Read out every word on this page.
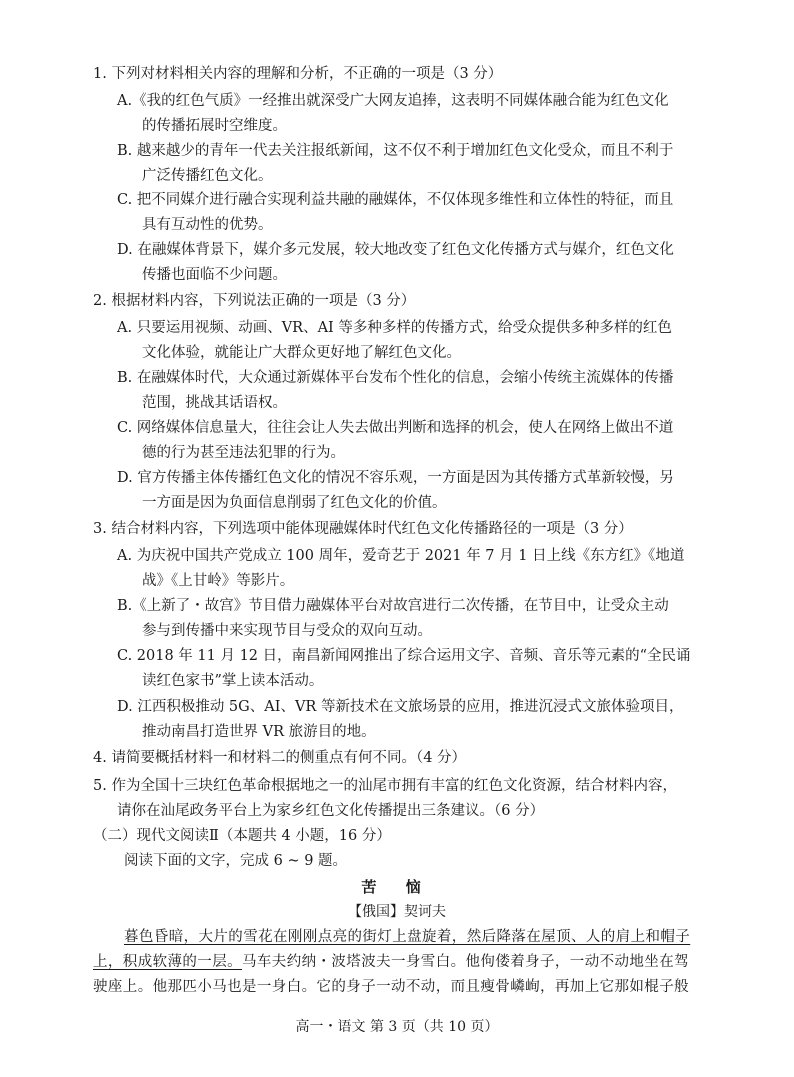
1. 下列对材料相关内容的理解和分析，不正确的一项是（3 分）
A.《我的红色气质》一经推出就深受广大网友追捧，这表明不同媒体融合能为红色文化
的传播拓展时空维度。
B. 越来越少的青年一代去关注报纸新闻，这不仅不利于增加红色文化受众，而且不利于
广泛传播红色文化。
C. 把不同媒介进行融合实现利益共融的融媒体，不仅体现多维性和立体性的特征，而且
具有互动性的优势。
D. 在融媒体背景下，媒介多元发展，较大地改变了红色文化传播方式与媒介，红色文化
传播也面临不少问题。
2. 根据材料内容，下列说法正确的一项是（3 分）
A. 只要运用视频、动画、VR、AI 等多种多样的传播方式，给受众提供多种多样的红色
文化体验，就能让广大群众更好地了解红色文化。
B. 在融媒体时代，大众通过新媒体平台发布个性化的信息，会缩小传统主流媒体的传播
范围，挑战其话语权。
C. 网络媒体信息量大，往往会让人失去做出判断和选择的机会，使人在网络上做出不道
德的行为甚至违法犯罪的行为。
D. 官方传播主体传播红色文化的情况不容乐观，一方面是因为其传播方式革新较慢，另
一方面是因为负面信息削弱了红色文化的价值。
3. 结合材料内容，下列选项中能体现融媒体时代红色文化传播路径的一项是（3 分）
A. 为庆祝中国共产党成立 100 周年，爱奇艺于 2021 年 7 月 1 日上线《东方红》《地道
战》《上甘岭》等影片。
B.《上新了・故宫》节目借力融媒体平台对故宫进行二次传播，在节目中，让受众主动
参与到传播中来实现节目与受众的双向互动。
C. 2018 年 11 月 12 日，南昌新闻网推出了综合运用文字、音频、音乐等元素的“全民诵
读红色家书”掌上读本活动。
D. 江西积极推动 5G、AI、VR 等新技术在文旅场景的应用，推进沉浸式文旅体验项目，
推动南昌打造世界 VR 旅游目的地。
4. 请简要概括材料一和材料二的侧重点有何不同。（4 分）
5. 作为全国十三块红色革命根据地之一的汕尾市拥有丰富的红色文化资源，结合材料内容，
请你在汕尾政务平台上为家乡红色文化传播提出三条建议。（6 分）
（二）现代文阅读Ⅱ（本题共 4 小题，16 分）
阅读下面的文字，完成 6 ~ 9 题。
苦 恼
【俄国】契诃夫
暮色昏暗，大片的雪花在刚刚点亮的街灯上盘旋着，然后降落在屋顶、人的肩上和帽子
上，积成软薄的一层。马车夫约纳・波塔波夫一身雪白。他佝偻着身子，一动不动地坐在驾
驶座上。他那匹小马也是一身白。它的身子一动不动，而且瘦骨嶙峋，再加上它那如棍子般
高一・语文 第 3 页（共 10 页）
